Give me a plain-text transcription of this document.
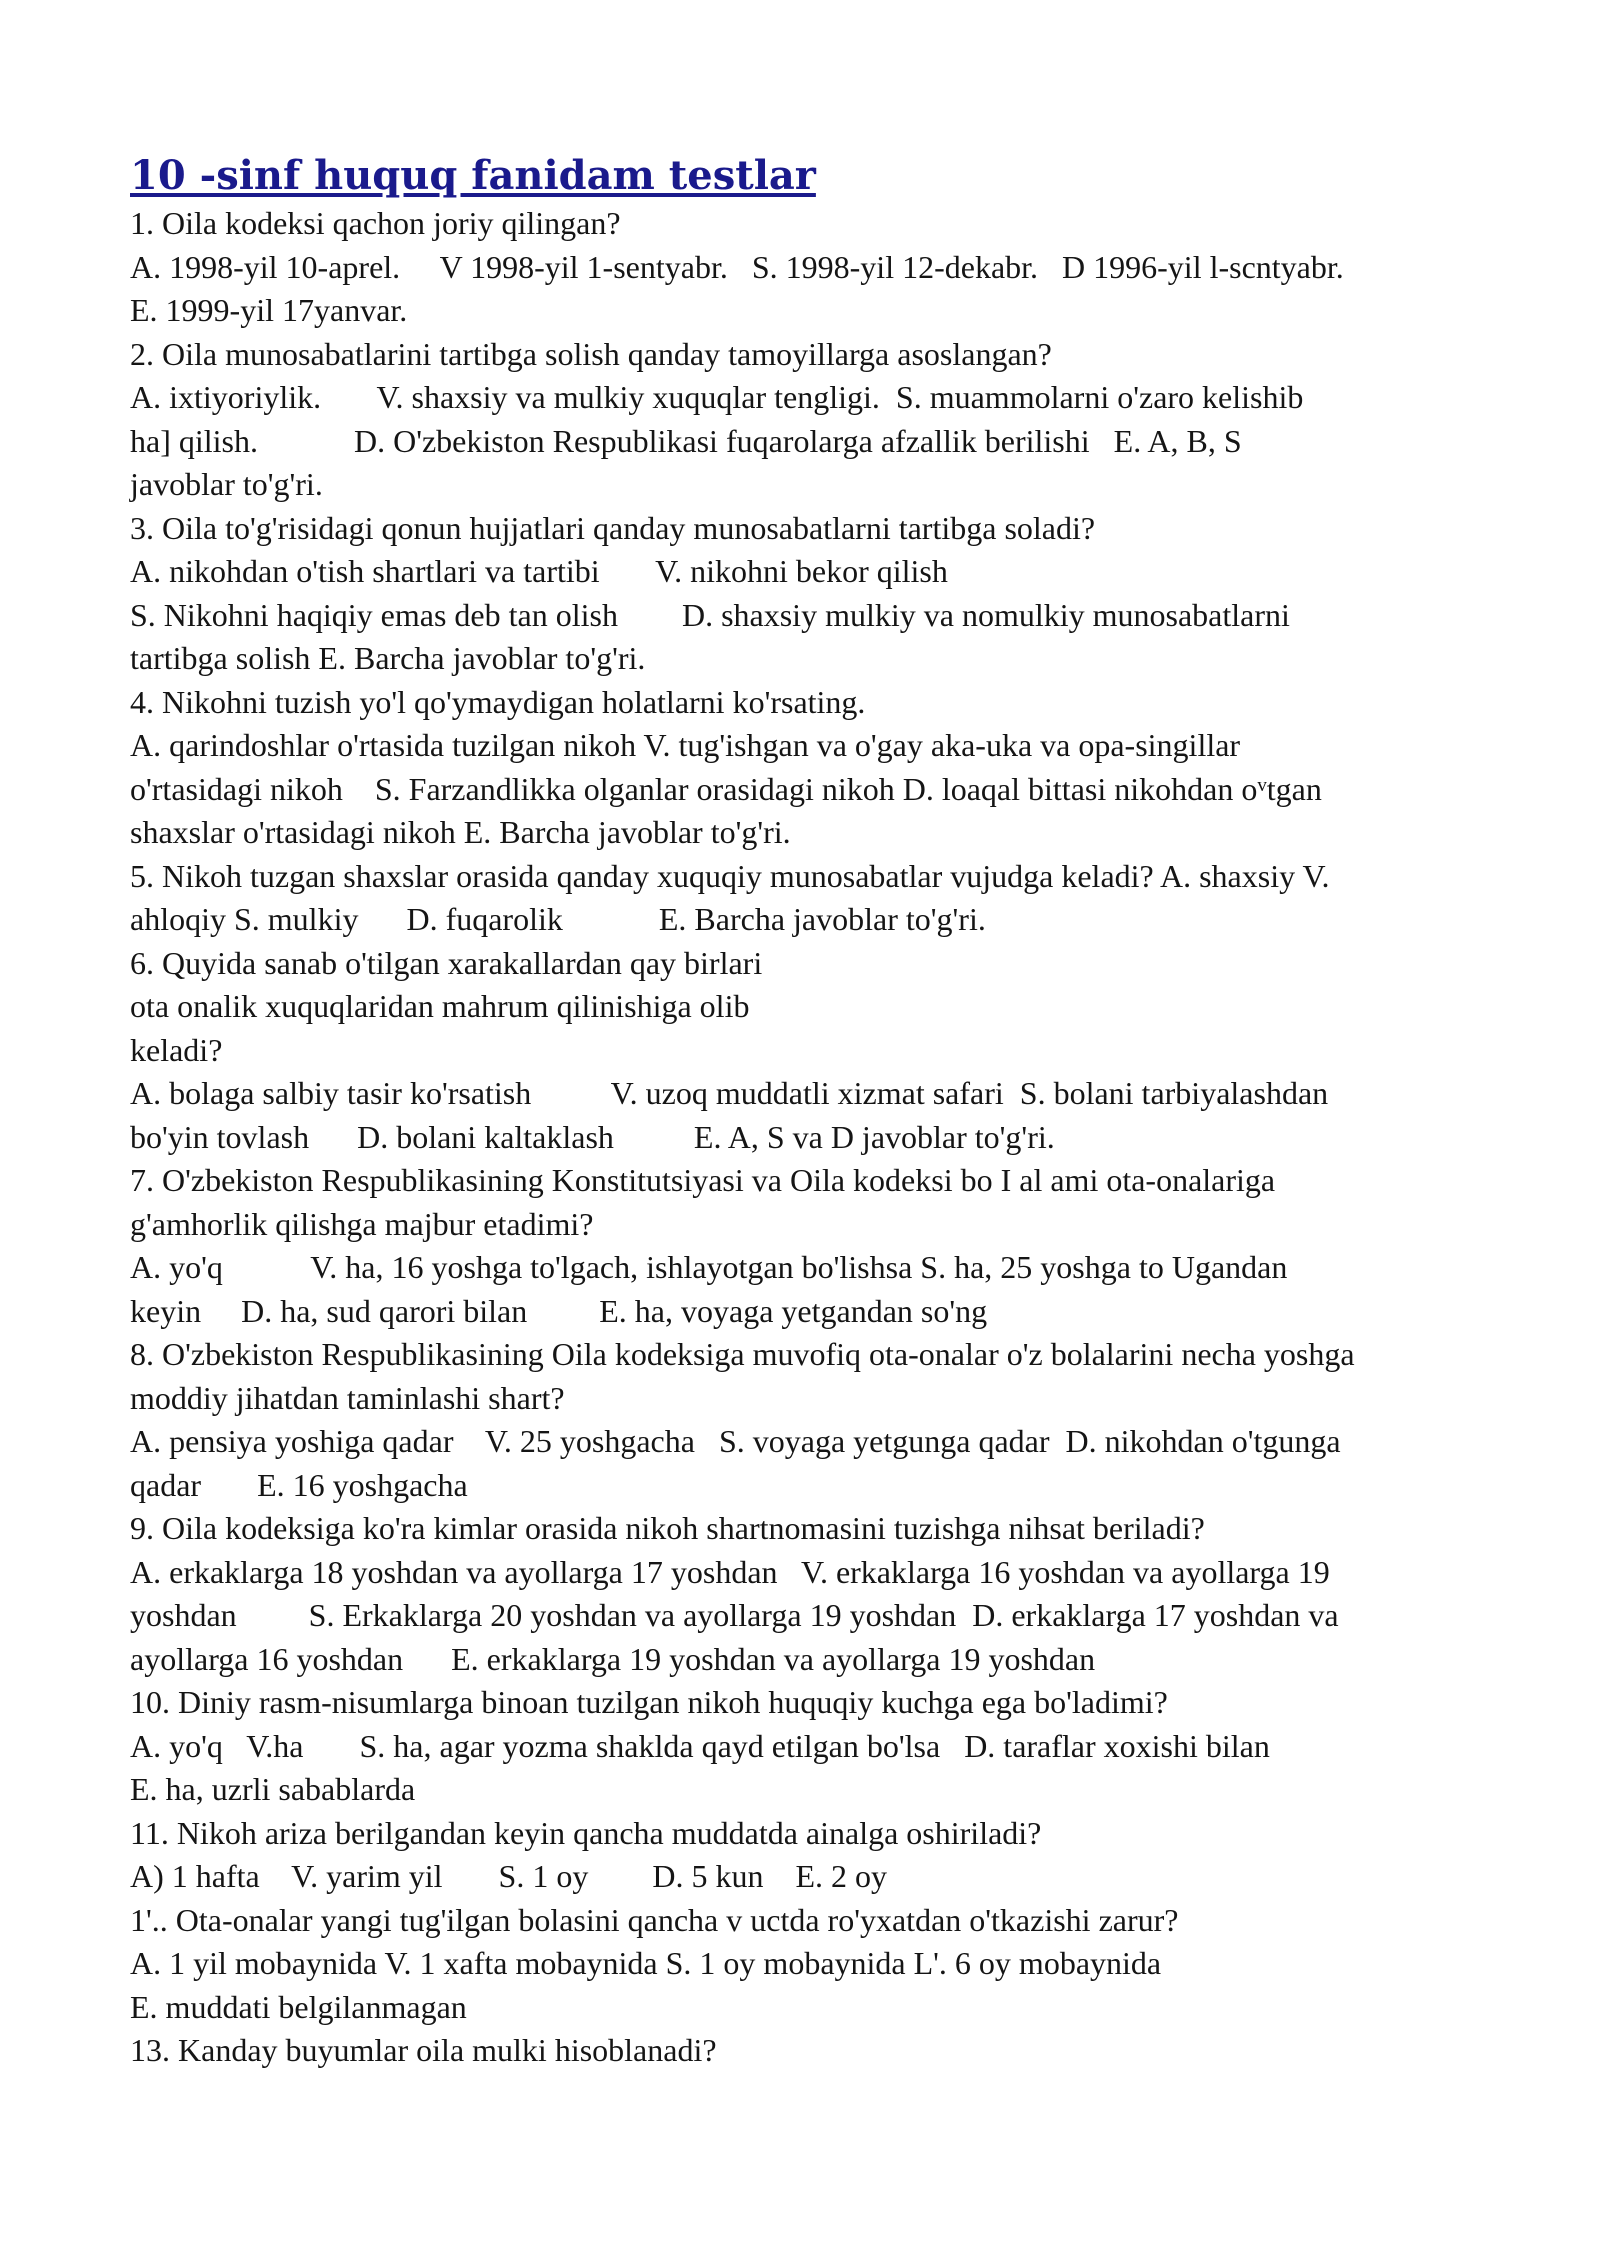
10 -sinf huquq fanidam testlar

1. Oila kodeksi qachon joriy qilingan?

A. 1998-yil 10-aprel.     V 1998-yil 1-sentyabr.   S. 1998-yil 12-dekabr.   D 1996-yil l-scntyabr.

E. 1999-yil 17yanvar.

2. Oila munosabatlarini tartibga solish qanday tamoyillarga asoslangan?

A. ixtiyoriylik.       V. shaxsiy va mulkiy xuquqlar tengligi.  S. muammolarni o'zaro kelishib

ha] qilish.            D. O'zbekiston Respublikasi fuqarolarga afzallik berilishi   E. A, B, S

javoblar to'g'ri.

3. Oila to'g'risidagi qonun hujjatlari qanday munosabatlarni tartibga soladi?

A. nikohdan o'tish shartlari va tartibi       V. nikohni bekor qilish

S. Nikohni haqiqiy emas deb tan olish        D. shaxsiy mulkiy va nomulkiy munosabatlarni

tartibga solish E. Barcha javoblar to'g'ri.

4. Nikohni tuzish yo'l qo'ymaydigan holatlarni ko'rsating.

A. qarindoshlar o'rtasida tuzilgan nikoh V. tug'ishgan va o'gay aka-uka va opa-singillar

o'rtasidagi nikoh    S. Farzandlikka olganlar orasidagi nikoh D. loaqal bittasi nikohdan oᵛtgan

shaxslar o'rtasidagi nikoh E. Barcha javoblar to'g'ri.

5. Nikoh tuzgan shaxslar orasida qanday xuquqiy munosabatlar vujudga keladi? A. shaxsiy V.

ahloqiy S. mulkiy      D. fuqarolik            E. Barcha javoblar to'g'ri.

6. Quyida sanab o'tilgan xarakallardan qay birlari

ota onalik xuquqlaridan mahrum qilinishiga olib

keladi?

A. bolaga salbiy tasir ko'rsatish          V. uzoq muddatli xizmat safari  S. bolani tarbiyalashdan

bo'yin tovlash      D. bolani kaltaklash          E. A, S va D javoblar to'g'ri.

7. O'zbekiston Respublikasining Konstitutsiyasi va Oila kodeksi bo I al ami ota-onalariga

g'amhorlik qilishga majbur etadimi?

A. yo'q           V. ha, 16 yoshga to'lgach, ishlayotgan bo'lishsa S. ha, 25 yoshga to Ugandan

keyin     D. ha, sud qarori bilan         E. ha, voyaga yetgandan so'ng

8. O'zbekiston Respublikasining Oila kodeksiga muvofiq ota-onalar o'z bolalarini necha yoshga

moddiy jihatdan taminlashi shart?

A. pensiya yoshiga qadar    V. 25 yoshgacha   S. voyaga yetgunga qadar  D. nikohdan o'tgunga

qadar       E. 16 yoshgacha

9. Oila kodeksiga ko'ra kimlar orasida nikoh shartnomasini tuzishga nihsat beriladi?

A. erkaklarga 18 yoshdan va ayollarga 17 yoshdan   V. erkaklarga 16 yoshdan va ayollarga 19

yoshdan         S. Erkaklarga 20 yoshdan va ayollarga 19 yoshdan  D. erkaklarga 17 yoshdan va

ayollarga 16 yoshdan      E. erkaklarga 19 yoshdan va ayollarga 19 yoshdan

10. Diniy rasm-nisumlarga binoan tuzilgan nikoh huquqiy kuchga ega bo'ladimi?

A. yo'q   V.ha       S. ha, agar yozma shaklda qayd etilgan bo'lsa   D. taraflar xoxishi bilan

E. ha, uzrli sabablarda

11. Nikoh ariza berilgandan keyin qancha muddatda ainalga oshiriladi?

A) 1 hafta    V. yarim yil       S. 1 oy        D. 5 kun    E. 2 oy

1'.. Ota-onalar yangi tug'ilgan bolasini qancha v uctda ro'yxatdan o'tkazishi zarur?

A. 1 yil mobaynida V. 1 xafta mobaynida S. 1 oy mobaynida L'. 6 oy mobaynida

E. muddati belgilanmagan

13. Kanday buyumlar oila mulki hisoblanadi?
